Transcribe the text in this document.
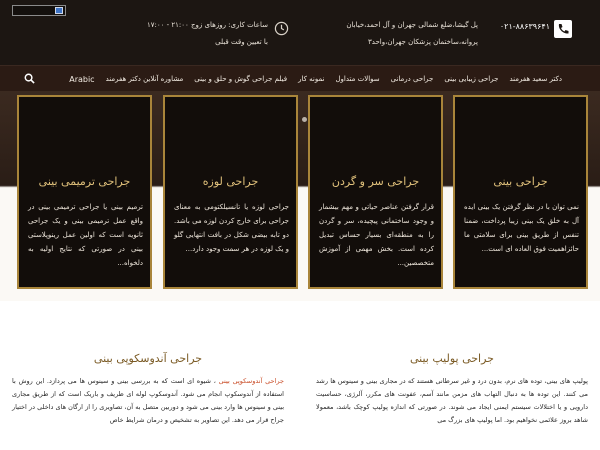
۰۲۱-۸۸۶۳۹۶۴۱
پل گیشا،ضلع شمالی جهران و آل احمد،خیابان
پروانه،ساختمان پزشکان جهران،واحد۳
ساعات کاری: روزهای زوج ۲۱:۰۰ - ۱۷:۰۰
با تعیین وقت قبلی
دکتر سعید هفرمند
جراحی زیبایی بینی
جراحی درمانی
سوالات متداول
نمونه کار
فیلم جراحی گوش و حلق و بینی
مشاوره آنلاین دکتر هفرمند
Arabic
جراحی بینی
نمی توان با در نظر گرفتن یک بینی ایده آل به خلق یک بینی زیبا پرداخت، ضمنا تنفس از طریق بینی برای سلامتی ما حائزاهمیت فوق العاده ای است...
جراحی سر و گردن
قرار گرفتن عناصر حیاتی و مهم بیشمار و وجود ساختمانی پیچیده، سر و گردن را به منطقه‌ای بسیار حساس تبدیل کرده است. بخش مهمی از آموزش متخصصین...
جراحی لوزه
جراحی لوزه یا تانسیلکتومی به معنای جراحی برای خارج کردن لوزه می باشد. دو تابه بیضی شکل در بافت انتهایی گلو و یک لوزه در هر سمت وجود دارد...
جراحی ترمیمی بینی
ترمیم بینی یا جراحی ترمیمی بینی در واقع عمل ترمیمی بینی و یک جراحی ثانویه است که اولین عمل رینوپلاستی بینی در صورتی که نتایج اولیه به دلخواه...
جراحی پولیپ بینی
پولیپ های بینی، توده های نرم، بدون درد و غیر سرطانی هستند که در مجاری بینی و سینوس ها رشد می کنند. این توده ها به دنبال التهاب های مزمن مانند آسم، عفونت های مکرر، آلرژی، حساسیت دارویی و یا اختلالات سیستم ایمنی ایجاد می شوند. در صورتی که اندازه پولیپ کوچک باشد، معمولا شاهد بروز علائمی نخواهیم بود. اما پولیپ های بزرگ می
جراحی آندوسکوپی بینی
جراحی آندوسکوپی بینی ، شیوه ای است که به بررسی بینی و سینوس ها می پردازد. این روش با استفاده از آندوسکوپ انجام می شود. آندوسکوپ لوله ای ظریف و باریک است که از طریق مجاری بینی و سینوس ها وارد بینی می شود و دوربین متصل به آن، تصاویری را از ارگان های داخلی در اختیار جراح قرار می دهد. این تصاویر به تشخیص و درمان شرایط خاص
